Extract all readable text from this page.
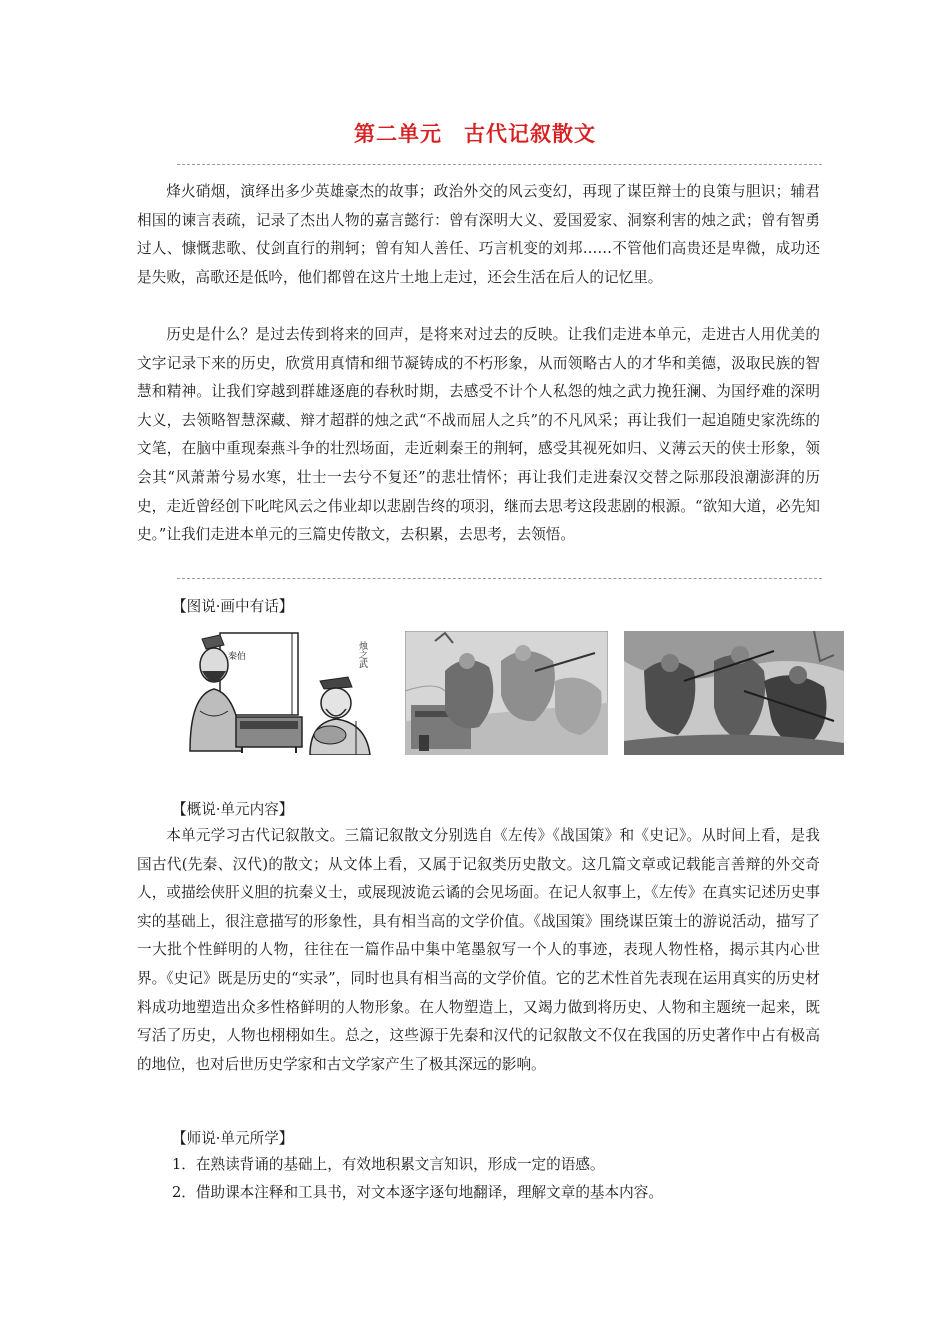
第二单元　古代记叙散文

烽火硝烟，演绎出多少英雄豪杰的故事；政治外交的风云变幻，再现了谋臣辩士的良策与胆识；辅君相国的谏言表疏，记录了杰出人物的嘉言懿行：曾有深明大义、爱国爱家、洞察利害的烛之武；曾有智勇过人、慷慨悲歌、仗剑直行的荆轲；曾有知人善任、巧言机变的刘邦……不管他们高贵还是卑微，成功还是失败，高歌还是低吟，他们都曾在这片土地上走过，还会生活在后人的记忆里。

历史是什么？是过去传到将来的回声，是将来对过去的反映。让我们走进本单元，走进古人用优美的文字记录下来的历史，欣赏用真情和细节凝铸成的不朽形象，从而领略古人的才华和美德，汲取民族的智慧和精神。让我们穿越到群雄逐鹿的春秋时期，去感受不计个人私怨的烛之武力挽狂澜、为国纾难的深明大义，去领略智慧深藏、辩才超群的烛之武“不战而屈人之兵”的不凡风采；再让我们一起追随史家洗练的文笔，在脑中重现秦燕斗争的壮烈场面，走近刺秦王的荆轲，感受其视死如归、义薄云天的侠士形象，领会其“风萧萧兮易水寒，壮士一去兮不复还”的悲壮情怀；再让我们走进秦汉交替之际那段浪潮澎湃的历史，走近曾经创下叱咤风云之伟业却以悲剧告终的项羽，继而去思考这段悲剧的根源。“欲知大道，必先知史。”让我们走进本单元的三篇史传散文，去积累，去思考，去领悟。

【图说·画中有话】
秦伯	烛之武
【概说·单元内容】

本单元学习古代记叙散文。三篇记叙散文分别选自《左传》《战国策》和《史记》。从时间上看，是我国古代(先秦、汉代)的散文；从文体上看，又属于记叙类历史散文。这几篇文章或记载能言善辩的外交奇人，或描绘侠肝义胆的抗秦义士，或展现波诡云谲的会见场面。在记人叙事上，《左传》在真实记述历史事实的基础上，很注意描写的形象性，具有相当高的文学价值。《战国策》围绕谋臣策士的游说活动，描写了一大批个性鲜明的人物，往往在一篇作品中集中笔墨叙写一个人的事迹，表现人物性格，揭示其内心世界。《史记》既是历史的“实录”，同时也具有相当高的文学价值。它的艺术性首先表现在运用真实的历史材料成功地塑造出众多性格鲜明的人物形象。在人物塑造上，又竭力做到将历史、人物和主题统一起来，既写活了历史，人物也栩栩如生。总之，这些源于先秦和汉代的记叙散文不仅在我国的历史著作中占有极高的地位，也对后世历史学家和古文学家产生了极其深远的影响。

【师说·单元所学】
1．在熟读背诵的基础上，有效地积累文言知识，形成一定的语感。
2．借助课本注释和工具书，对文本逐字逐句地翻译，理解文章的基本内容。
